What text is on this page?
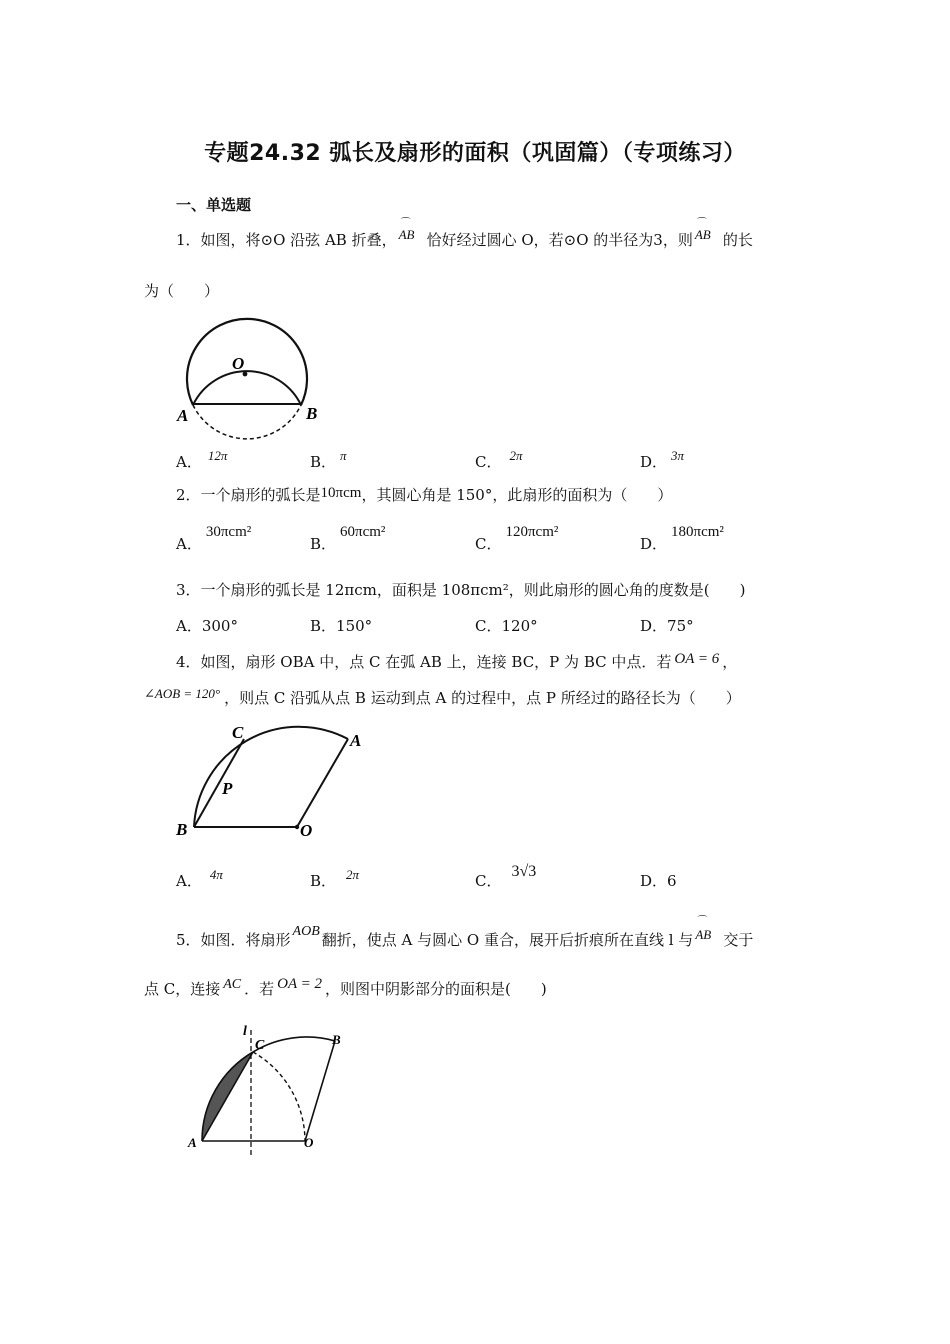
专题24.32 弧长及扇形的面积（巩固篇）（专项练习）
一、单选题
1．如图，将⊙O 沿弦 AB 折叠，
⌒
AB 恰好经过圆心 O，若⊙O 的半径为3，则
⌒
AB 的长
为（　　）
O
A	B
A． 12π	B． π	C． 2π	D． 3π
2．一个扇形的弧长是10πcm，其圆心角是 150°，此扇形的面积为（　　）
A．30πcm²
B．60πcm²
C．120πcm²
D．180πcm²
3．一个扇形的弧长是 12πcm，面积是 108πcm²，则此扇形的圆心角的度数是(　　)
A．300°	B．150°	C．120°	D．75°
4．如图，扇形 OBA 中，点 C 在弧 AB 上，连接 BC，P 为 BC 中点．若 OA = 6 ，
∠AOB = 120° ，则点 C 沿弧从点 B 运动到点 A 的过程中，点 P 所经过的路径长为（　　）
C	A
P
B	O
A． 4π	B． 2π	C．3√3
D．6
5．如图．将扇形 AOB 翻折，使点 A 与圆心 O 重合，展开后折痕所在直线 l 与
⌒
AB 交于
点 C，连接 AC ．若 OA = 2 ，则图中阴影部分的面积是(　　)
l
C	B
A	O
